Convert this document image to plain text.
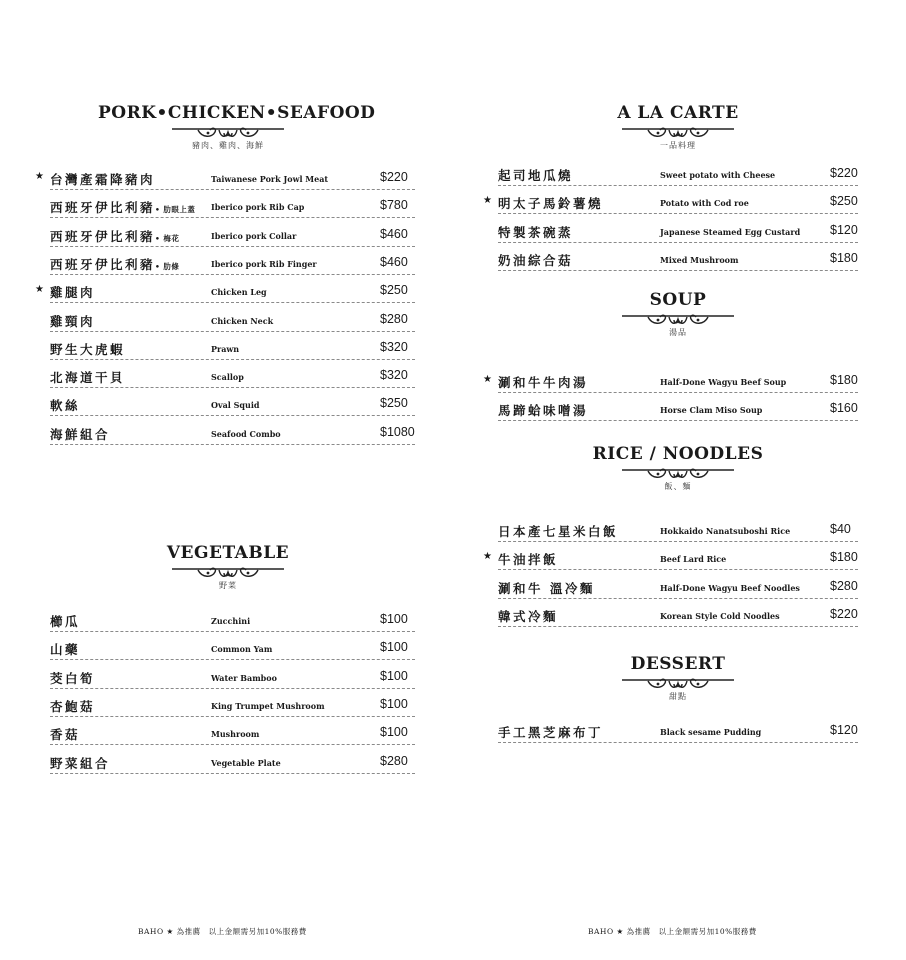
PORK•CHICKEN•SEAFOOD
豬肉、雞肉、海鮮
★ 台灣產霜降豬肉	Taiwanese Pork Jowl Meat	$220
西班牙伊比利豬• 肋眼上蓋 Iberico pork Rib Cap	$780
西班牙伊比利豬• 梅花	Iberico pork Collar	$460
西班牙伊比利豬• 肋條	Iberico pork Rib Finger	$460
★ 雞腿肉	Chicken Leg	$250
雞頸肉	Chicken Neck	$280
野生大虎蝦	Prawn	$320
北海道干貝	Scallop	$320
軟絲	Oval Squid	$250
海鮮組合	Seafood Combo	$1080
VEGETABLE
野菜
櫛瓜	Zucchini	$100
山藥	Common Yam	$100
茭白筍	Water Bamboo	$100
杏鮑菇	King Trumpet Mushroom	$100
香菇	Mushroom	$100
野菜組合	Vegetable Plate	$280
BAHO ★ 為推薦　以上金額需另加10%服務費
A LA CARTE
一品料理
起司地瓜燒	Sweet potato with Cheese	$220
★ 明太子馬鈴薯燒	Potato with Cod roe	$250
特製茶碗蒸	Japanese Steamed Egg Custard $120
奶油綜合菇	Mixed Mushroom	$180
SOUP
湯品
★ 涮和牛牛肉湯	Half-Done Wagyu Beef Soup	$180
馬蹄蛤味噌湯	Horse Clam Miso Soup	$160
RICE / NOODLES
飯、麵
日本產七星米白飯	Hokkaido Nanatsuboshi Rice	$40
★ 牛油拌飯	Beef Lard Rice	$180
涮和牛 溫冷麵	Half-Done Wagyu Beef Noodles $280
韓式冷麵	Korean Style Cold Noodles	$220
DESSERT
甜點
手工黑芝麻布丁	Black sesame Pudding	$120
BAHO ★ 為推薦　以上金額需另加10%服務費
